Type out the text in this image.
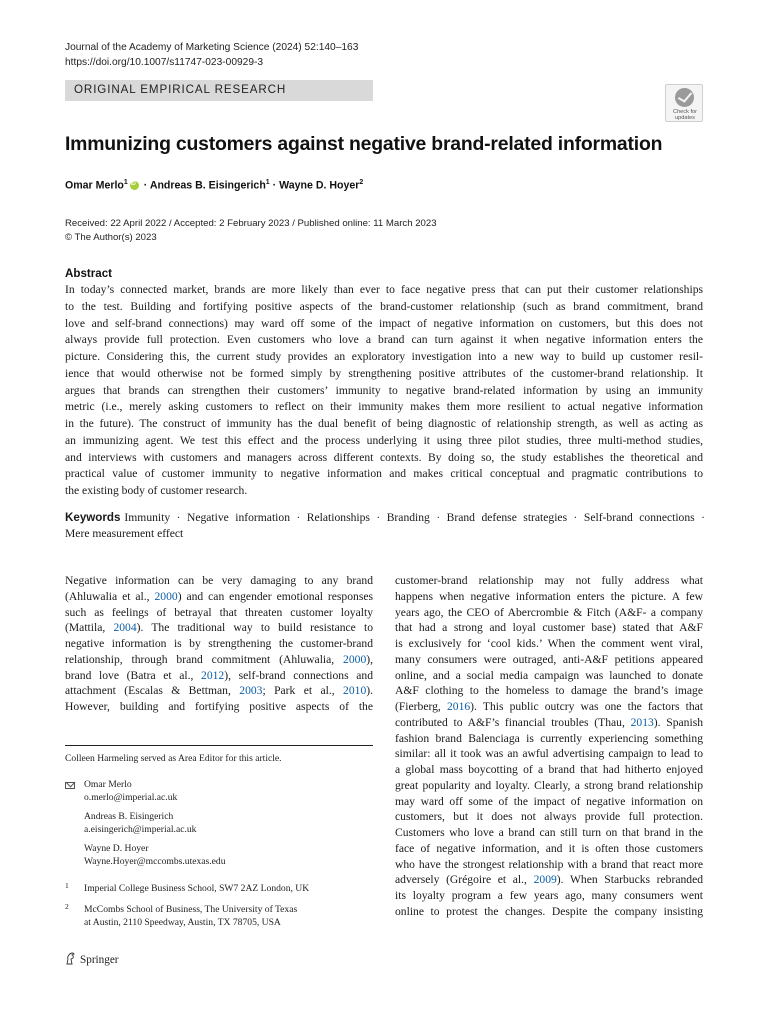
Journal of the Academy of Marketing Science (2024) 52:140–163
https://doi.org/10.1007/s11747-023-00929-3
ORIGINAL EMPIRICAL RESEARCH
Check for
updates
Immunizing customers against negative brand-related information
Omar Merlo$^1$iD · Andreas B. Eisingerich$^1$ · Wayne D. Hoyer$^2$
Received: 22 April 2022 / Accepted: 2 February 2023 / Published online: 11 March 2023
© The Author(s) 2023
Abstract
In today’s connected market, brands are more likely than ever to face negative press that can put their customer relationships
to the test. Building and fortifying positive aspects of the brand-customer relationship (such as brand commitment, brand
love and self-brand connections) may ward off some of the impact of negative information on customers, but this does not
always provide full protection. Even customers who love a brand can turn against it when negative information enters the
picture. Considering this, the current study provides an exploratory investigation into a new way to build up customer resil-
ience that would otherwise not be formed simply by strengthening positive attributes of the customer-brand relationship. It
argues that brands can strengthen their customers’ immunity to negative brand-related information by using an immunity
metric (i.e., merely asking customers to reflect on their immunity makes them more resilient to actual negative information
in the future). The construct of immunity has the dual benefit of being diagnostic of relationship strength, as well as acting as
an immunizing agent. We test this effect and the process underlying it using three pilot studies, three multi-method studies,
and interviews with customers and managers across different contexts. By doing so, the study establishes the theoretical and
practical value of customer immunity to negative information and makes critical conceptual and pragmatic contributions to
the existing body of customer research.
Keywords Immunity · Negative information · Relationships · Branding · Brand defense strategies · Self-brand connections ·
Mere measurement effect
Negative information can be very damaging to any brand
(Ahluwalia et al., 2000) and can engender emotional responses
such as feelings of betrayal that threaten customer loyalty
(Mattila, 2004). The traditional way to build resistance to
negative information is by strengthening the customer-brand
relationship, through brand commitment (Ahluwalia, 2000),
brand love (Batra et al., 2012), self-brand connections and
attachment (Escalas & Bettman, 2003; Park et al., 2010).
However, building and fortifying positive aspects of the
Colleen Harmeling served as Area Editor for this article.
Omar Merlo
o.merlo@imperial.ac.uk
Andreas B. Eisingerich
a.eisingerich@imperial.ac.uk
Wayne D. Hoyer
Wayne.Hoyer@mccombs.utexas.edu
1 Imperial College Business School, SW7 2AZ London, UK
2 McCombs School of Business, The University of Texas
at Austin, 2110 Speedway, Austin, TX 78705, USA
customer-brand relationship may not fully address what
happens when negative information enters the picture. A few
years ago, the CEO of Abercrombie & Fitch (A&F- a company
that had a strong and loyal customer base) stated that A&F
is exclusively for ‘cool kids.’ When the comment went viral,
many consumers were outraged, anti-A&F petitions appeared
online, and a social media campaign was launched to donate
A&F clothing to the homeless to damage the brand’s image
(Fierberg, 2016). This public outcry was one the factors that
contributed to A&F’s financial troubles (Thau, 2013). Spanish
fashion brand Balenciaga is currently experiencing something
similar: all it took was an awful advertising campaign to lead to
a global mass boycotting of a brand that had hitherto enjoyed
great popularity and loyalty. Clearly, a strong brand relationship
may ward off some of the impact of negative information on
customers, but it does not always provide full protection.
Customers who love a brand can still turn on that brand in the
face of negative information, and it is often those customers
who have the strongest relationship with a brand that react more
adversely (Grégoire et al., 2009). When Starbucks rebranded
its loyalty program a few years ago, many consumers went
online to protest the changes. Despite the company insisting
Springer
